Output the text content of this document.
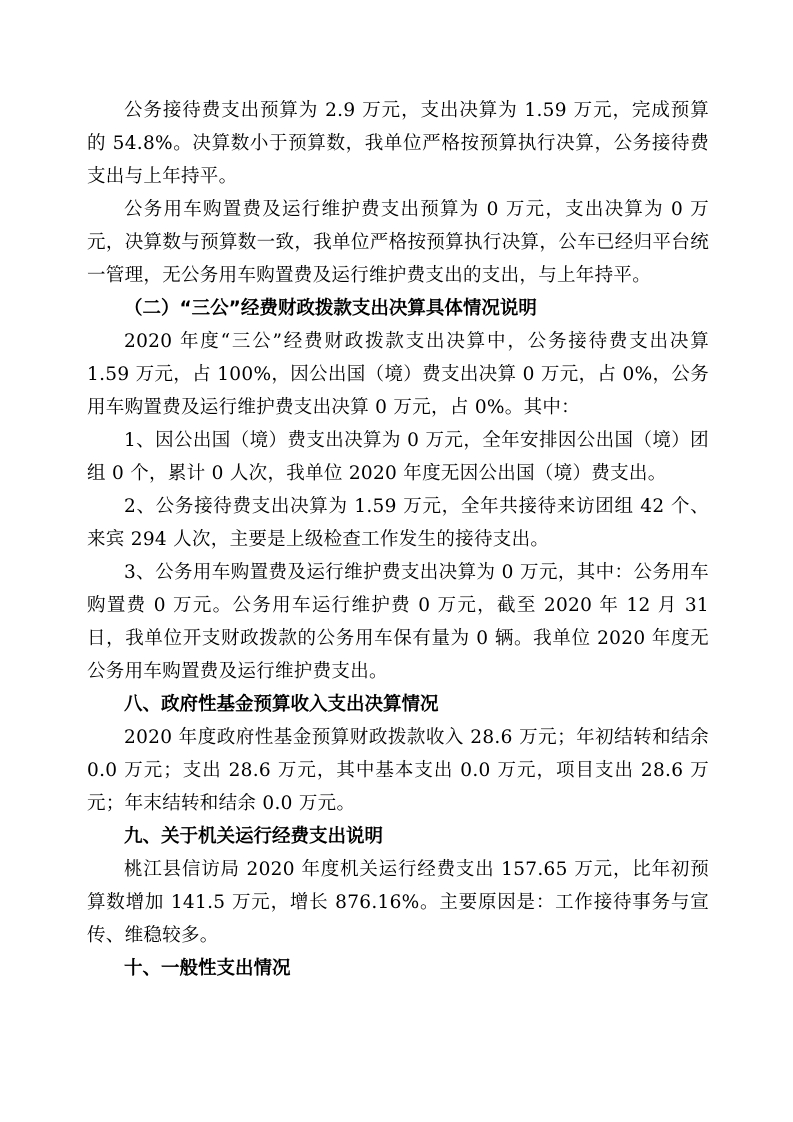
公务接待费支出预算为 2.9 万元，支出决算为 1.59 万元，完成预算的 54.8%。决算数小于预算数，我单位严格按预算执行决算，公务接待费支出与上年持平。

公务用车购置费及运行维护费支出预算为 0 万元，支出决算为 0 万元，决算数与预算数一致，我单位严格按预算执行决算，公车已经归平台统一管理，无公务用车购置费及运行维护费支出的支出，与上年持平。

（二）“三公”经费财政拨款支出决算具体情况说明

2020 年度“三公”经费财政拨款支出决算中，公务接待费支出决算 1.59 万元，占 100%，因公出国（境）费支出决算 0 万元，占 0%，公务用车购置费及运行维护费支出决算 0 万元，占 0%。其中：

1、因公出国（境）费支出决算为 0 万元，全年安排因公出国（境）团组 0 个，累计 0 人次，我单位 2020 年度无因公出国（境）费支出。

2、公务接待费支出决算为 1.59 万元，全年共接待来访团组 42 个、来宾 294 人次，主要是上级检查工作发生的接待支出。

3、公务用车购置费及运行维护费支出决算为 0 万元，其中：公务用车购置费 0 万元。公务用车运行维护费 0 万元，截至 2020 年 12 月 31 日，我单位开支财政拨款的公务用车保有量为 0 辆。我单位 2020 年度无公务用车购置费及运行维护费支出。

八、政府性基金预算收入支出决算情况

2020 年度政府性基金预算财政拨款收入 28.6 万元；年初结转和结余 0.0 万元；支出 28.6 万元，其中基本支出 0.0 万元，项目支出 28.6 万元；年末结转和结余 0.0 万元。

九、关于机关运行经费支出说明

桃江县信访局 2020 年度机关运行经费支出 157.65 万元，比年初预算数增加 141.5 万元，增长 876.16%。主要原因是：工作接待事务与宣传、维稳较多。

十、一般性支出情况
